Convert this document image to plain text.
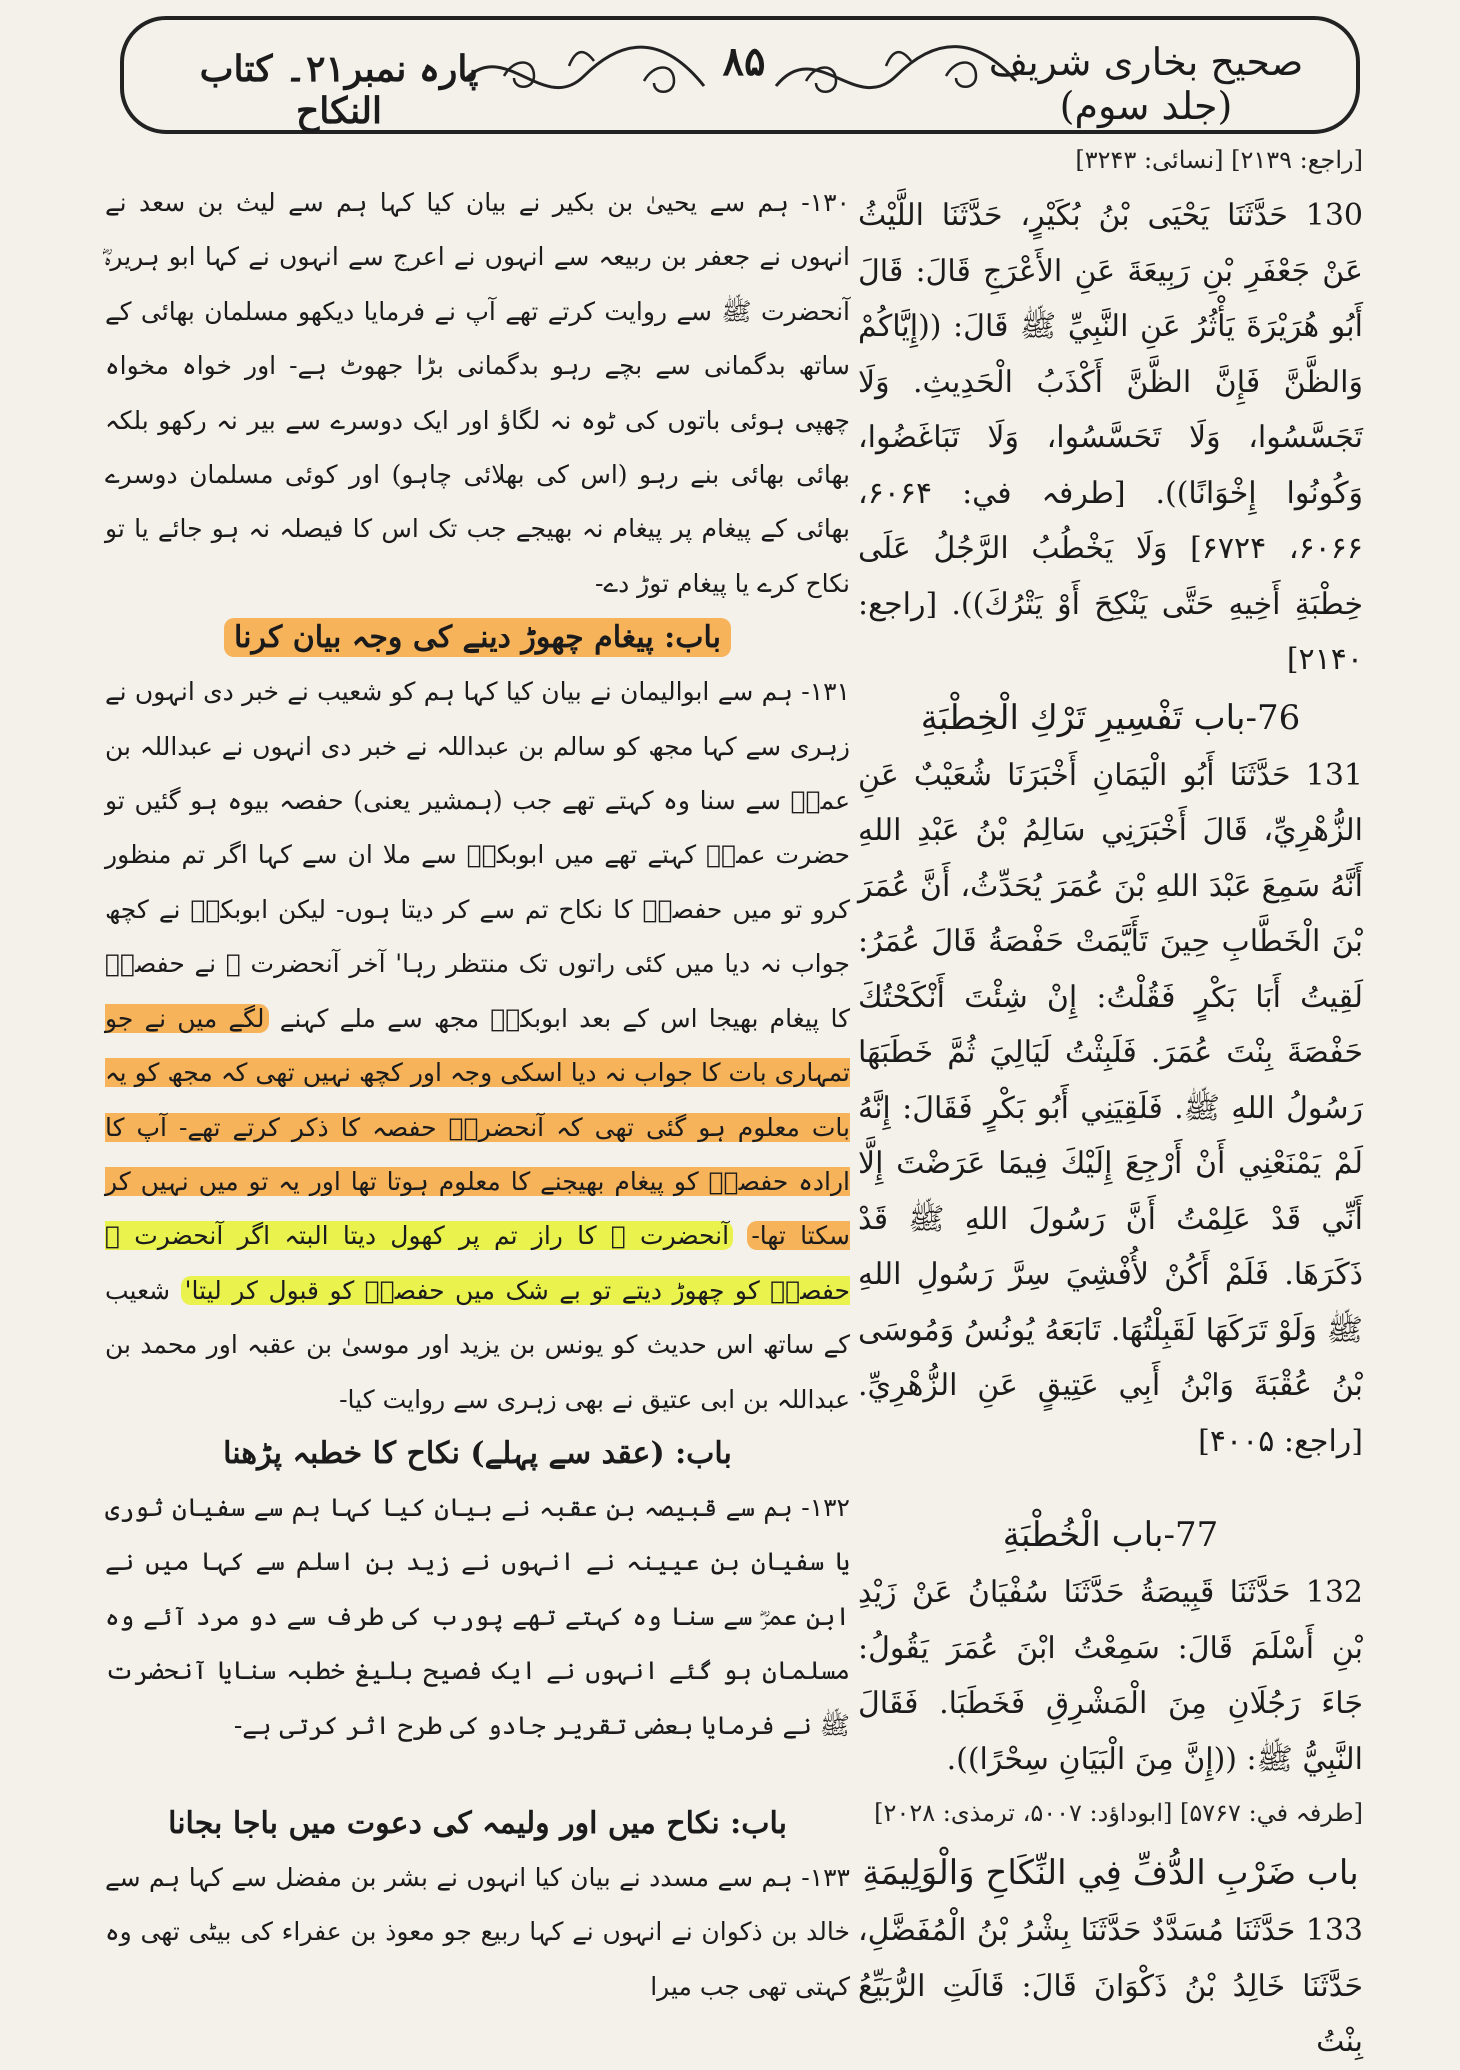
صحیح بخاری شریف (جلد سوم)
۸۵
پارہ نمبر۲۱۔ کتاب النکاح
[راجع: ۲۱۳۹] [نسائی: ۳۲۴۳]

130 حَدَّثَنَا يَحْيَى بْنُ بُكَيْرٍ، حَدَّثَنَا اللَّيْثُ عَنْ جَعْفَرِ بْنِ رَبِيعَةَ عَنِ الأَعْرَجِ قَالَ: قَالَ أَبُو هُرَيْرَةَ يَأْثُرُ عَنِ النَّبِيِّ ﷺ قَالَ: ((إِيَّاكُمْ وَالظَّنَّ فَإِنَّ الظَّنَّ أَكْذَبُ الْحَدِيثِ. وَلَا تَجَسَّسُوا، وَلَا تَحَسَّسُوا، وَلَا تَبَاغَضُوا، وَكُونُوا إِخْوَانًا)). [طرفہ في: ۶۰۶۴، ۶۰۶۶، ۶۷۲۴] وَلَا يَخْطُبُ الرَّجُلُ عَلَى خِطْبَةِ أَخِيهِ حَتَّى يَنْكِحَ أَوْ يَتْرُكَ)). [راجع: ۲۱۴۰]

76-باب تَفْسِيرِ تَرْكِ الْخِطْبَةِ

131 حَدَّثَنَا أَبُو الْيَمَانِ أَخْبَرَنَا شُعَيْبٌ عَنِ الزُّهْرِيِّ، قَالَ أَخْبَرَنِي سَالِمُ بْنُ عَبْدِ اللهِ أَنَّهُ سَمِعَ عَبْدَ اللهِ بْنَ عُمَرَ يُحَدِّثُ، أَنَّ عُمَرَ بْنَ الْخَطَّابِ حِينَ تَأَيَّمَتْ حَفْصَةُ قَالَ عُمَرُ: لَقِيتُ أَبَا بَكْرٍ فَقُلْتُ: إِنْ شِئْتَ أَنْكَحْتُكَ حَفْصَةَ بِنْتَ عُمَرَ. فَلَبِثْتُ لَيَالِيَ ثُمَّ خَطَبَهَا رَسُولُ اللهِ ﷺ. فَلَقِيَنِي أَبُو بَكْرٍ فَقَالَ: إِنَّهُ لَمْ يَمْنَعْنِي أَنْ أَرْجِعَ إِلَيْكَ فِيمَا عَرَضْتَ إِلَّا أَنِّي قَدْ عَلِمْتُ أَنَّ رَسُولَ اللهِ ﷺ قَدْ ذَكَرَهَا. فَلَمْ أَكُنْ لأُفْشِيَ سِرَّ رَسُولِ اللهِ ﷺ وَلَوْ تَرَكَهَا لَقَبِلْتُهَا. تَابَعَهُ يُونُسُ وَمُوسَى بْنُ عُقْبَةَ وَابْنُ أَبِي عَتِيقٍ عَنِ الزُّهْرِيِّ. [راجع: ۴۰۰۵]

77-باب الْخُطْبَةِ

132 حَدَّثَنَا قَبِيصَةُ حَدَّثَنَا سُفْيَانُ عَنْ زَيْدِ بْنِ أَسْلَمَ قَالَ: سَمِعْتُ ابْنَ عُمَرَ يَقُولُ: جَاءَ رَجُلَانِ مِنَ الْمَشْرِقِ فَخَطَبَا. فَقَالَ النَّبِيُّ ﷺ: ((إِنَّ مِنَ الْبَيَانِ سِحْرًا)).

[طرفہ في: ۵۷۶۷] [ابوداؤد: ۵۰۰۷، ترمذی: ۲۰۲۸]

باب ضَرْبِ الدُّفِّ فِي النِّكَاحِ وَالْوَلِيمَةِ

133 حَدَّثَنَا مُسَدَّدٌ حَدَّثَنَا بِشْرُ بْنُ الْمُفَضَّلِ، حَدَّثَنَا خَالِدُ بْنُ ذَكْوَانَ قَالَ: قَالَتِ الرُّبَيِّعُ بِنْتُ

۱۳۰- ہم سے یحییٰ بن بکیر نے بیان کیا کہا ہم سے لیث بن سعد نے انہوں نے جعفر بن ربیعہ سے انہوں نے اعرج سے انہوں نے کہا ابو ہریرہؓ آنحضرت ﷺ سے روایت کرتے تھے آپ نے فرمایا دیکھو مسلمان بھائی کے ساتھ بدگمانی سے بچے رہو بدگمانی بڑا جھوٹ ہے- اور خواہ مخواہ چھپی ہوئی باتوں کی ٹوہ نہ لگاؤ اور ایک دوسرے سے بیر نہ رکھو بلکہ بھائی بھائی بنے رہو (اس کی بھلائی چاہو) اور کوئی مسلمان دوسرے بھائی کے پیغام پر پیغام نہ بھیجے جب تک اس کا فیصلہ نہ ہو جائے یا تو نکاح کرے یا پیغام توڑ دے-

باب: پیغام چھوڑ دینے کی وجہ بیان کرنا

۱۳۱- ہم سے ابوالیمان نے بیان کیا کہا ہم کو شعیب نے خبر دی انہوں نے زہری سے کہا مجھ کو سالم بن عبداللہ نے خبر دی انہوں نے عبداللہ بن عمرؓ سے سنا وہ کہتے تھے جب (ہمشیر یعنی) حفصہ بیوہ ہو گئیں تو حضرت عمرؓ کہتے تھے میں ابوبکرؓ سے ملا ان سے کہا اگر تم منظور کرو تو میں حفصہؓ کا نکاح تم سے کر دیتا ہوں- لیکن ابوبکرؓ نے کچھ جواب نہ دیا میں کئی راتوں تک منتظر رہا' آخر آنحضرت ﷺ نے حفصہؓ کا پیغام بھیجا اس کے بعد ابوبکرؓ مجھ سے ملے کہنے لگے میں نے جو تمہاری بات کا جواب نہ دیا اسکی وجہ اور کچھ نہیں تھی کہ مجھ کو یہ بات معلوم ہو گئی تھی کہ آنحضرتؐ حفصہ کا ذکر کرتے تھے- آپ کا ارادہ حفصہؓ کو پیغام بھیجنے کا معلوم ہوتا تھا اور یہ تو میں نہیں کر سکتا تھا- آنحضرت ﷺ کا راز تم پر کھول دیتا البتہ اگر آنحضرت ﷺ حفصہؓ کو چھوڑ دیتے تو بے شک میں حفصہؓ کو قبول کر لیتا' شعیب کے ساتھ اس حدیث کو یونس بن یزید اور موسیٰ بن عقبہ اور محمد بن عبداللہ بن ابی عتیق نے بھی زہری سے روایت کیا-

باب: (عقد سے پہلے) نکاح کا خطبہ پڑھنا

۱۳۲- ہم سے قبیصہ بن عقبہ نے بیان کیا کہا ہم سے سفیان ثوری یا سفیان بن عیینہ نے انہوں نے زید بن اسلم سے کہا میں نے ابن عمرؓ سے سنا وہ کہتے تھے پورب کی طرف سے دو مرد آئے وہ مسلمان ہو گئے انہوں نے ایک فصیح بلیغ خطبہ سنایا آنحضرت ﷺ نے فرمایا بعضی تقریر جادو کی طرح اثر کرتی ہے-

باب: نکاح میں اور ولیمہ کی دعوت میں باجا بجانا

۱۳۳- ہم سے مسدد نے بیان کیا انہوں نے بشر بن مفضل سے کہا ہم سے خالد بن ذکوان نے انہوں نے کہا ربیع جو معوذ بن عفراء کی بیٹی تھی وہ کہتی تھی جب میرا
